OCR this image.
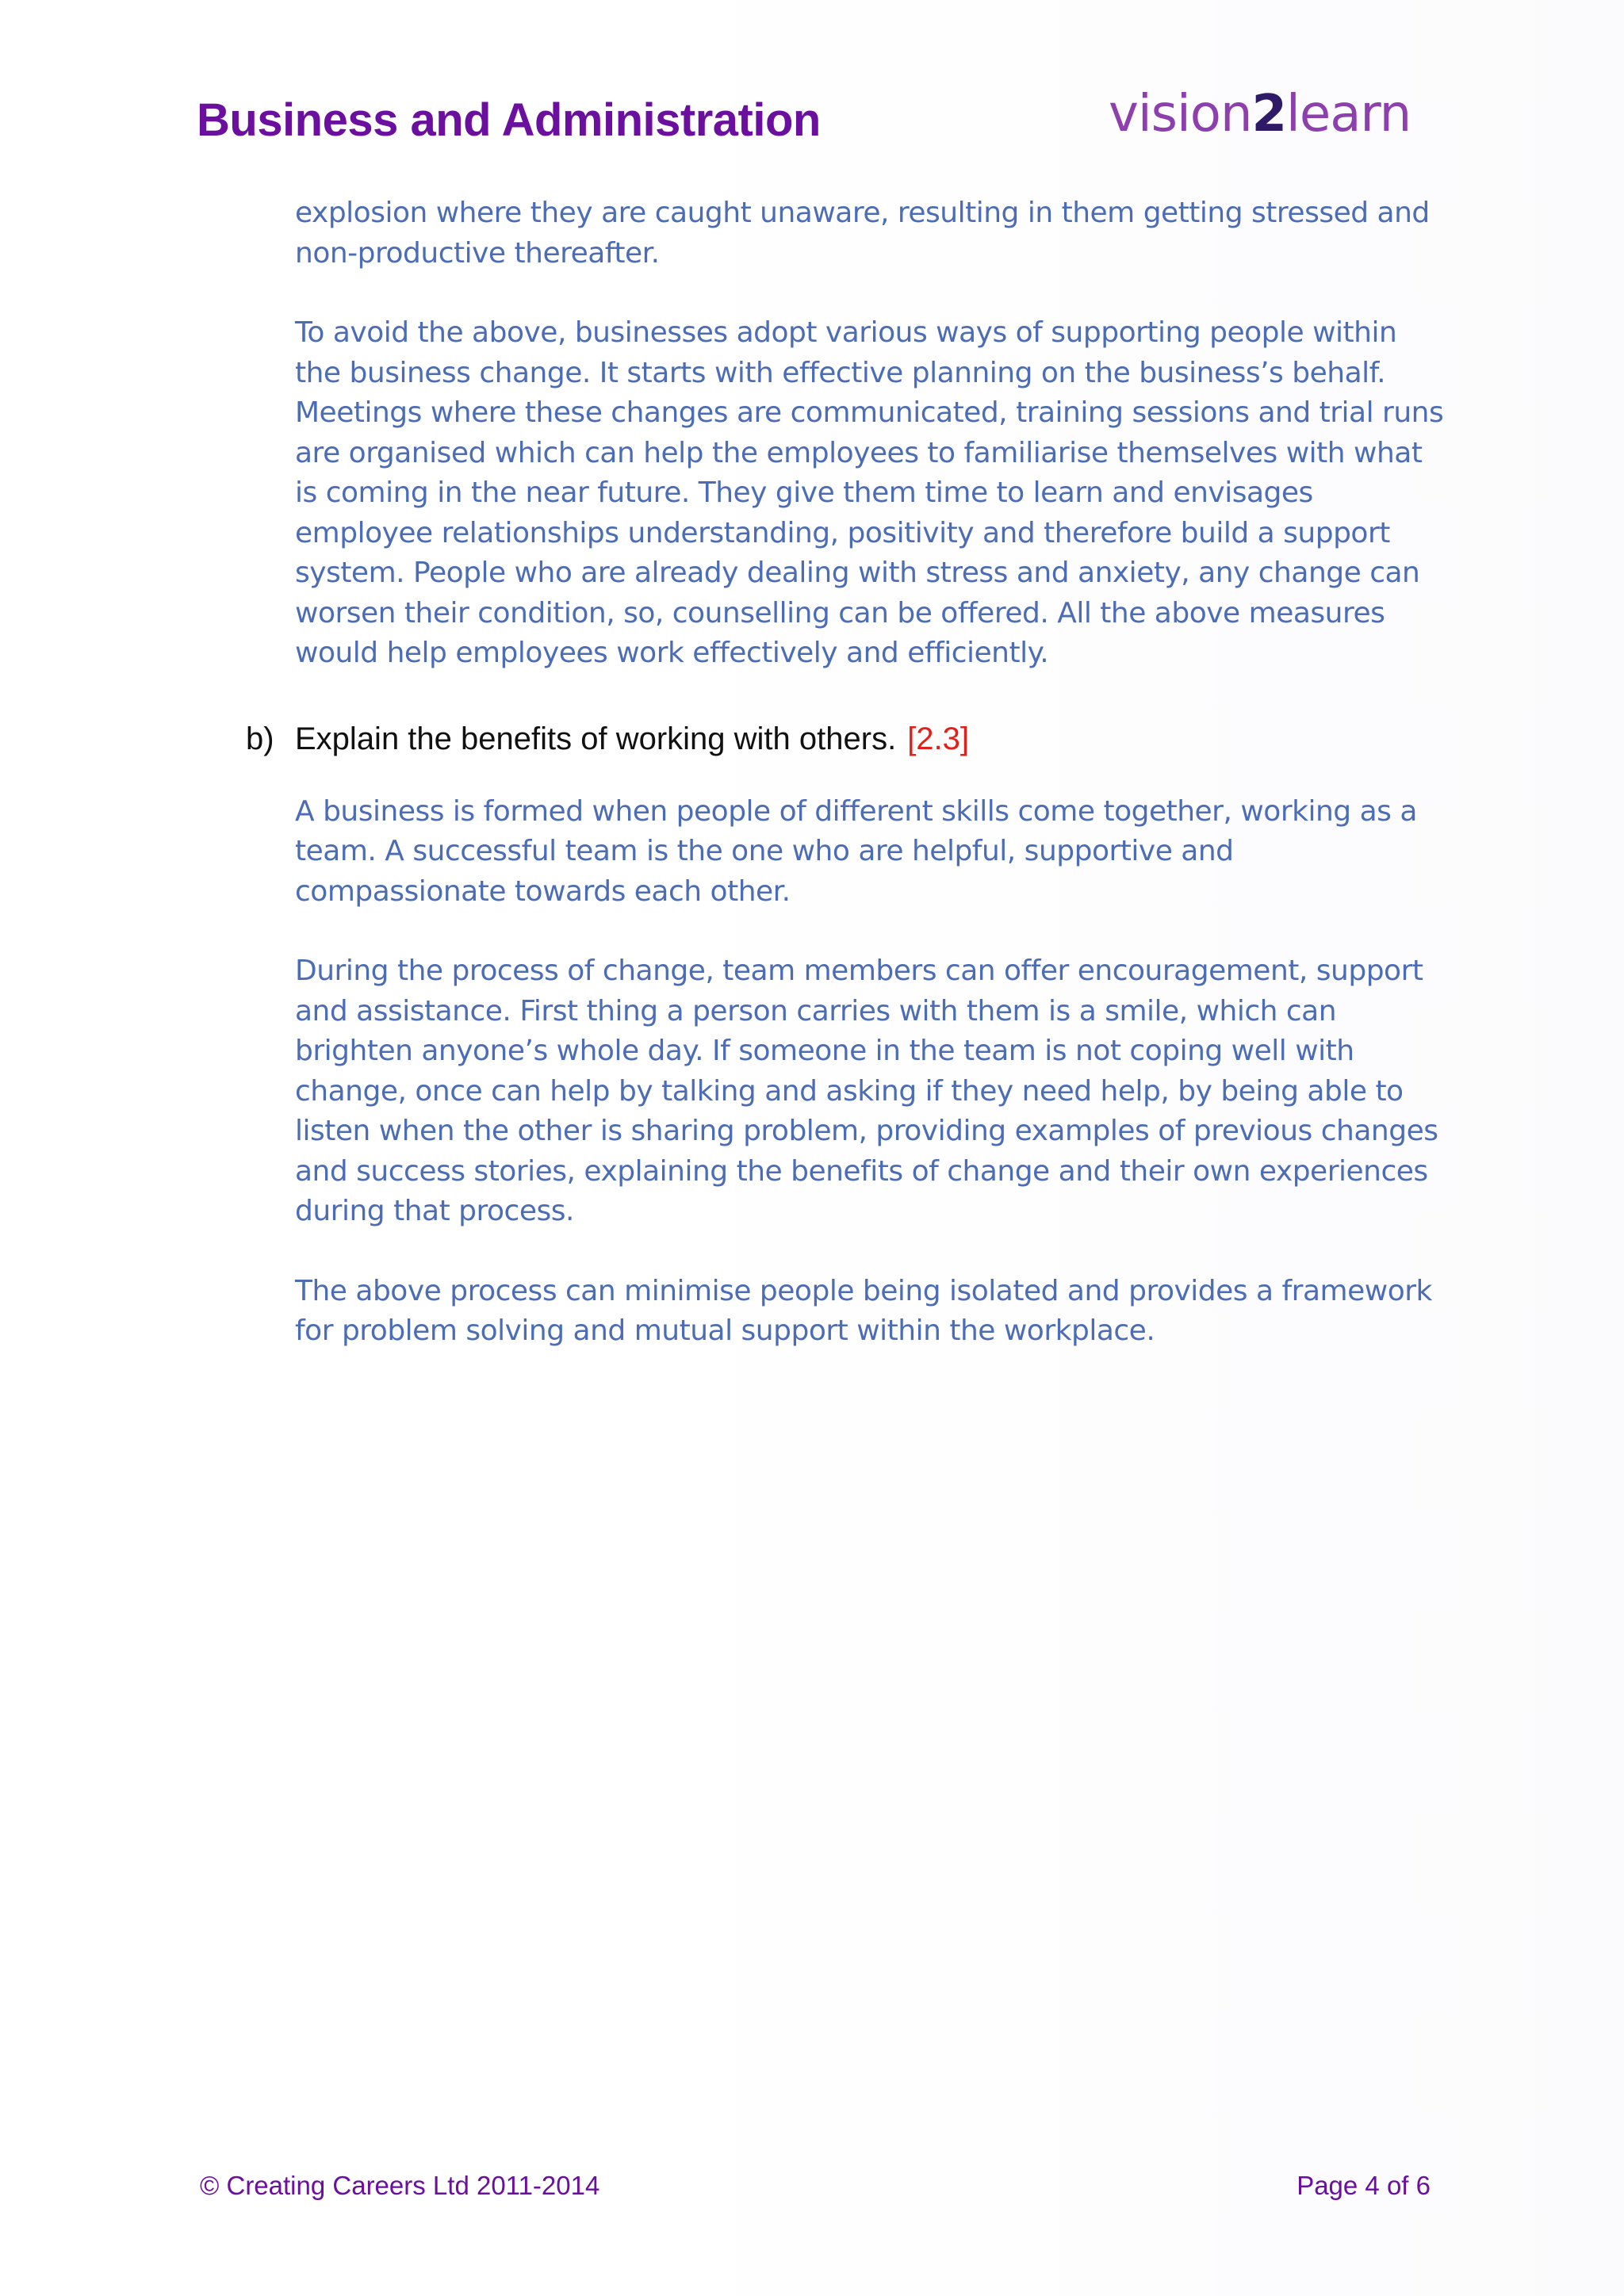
Business and Administration	vision2learn

explosion where they are caught unaware, resulting in them getting stressed and non-productive thereafter.

To avoid the above, businesses adopt various ways of supporting people within the business change. It starts with effective planning on the business’s behalf. Meetings where these changes are communicated, training sessions and trial runs are organised which can help the employees to familiarise themselves with what is coming in the near future. They give them time to learn and envisages employee relationships understanding, positivity and therefore build a support system. People who are already dealing with stress and anxiety, any change can worsen their condition, so, counselling can be offered. All the above measures would help employees work effectively and efficiently.

b) Explain the benefits of working with others. [2.3]

A business is formed when people of different skills come together, working as a team. A successful team is the one who are helpful, supportive and compassionate towards each other.

During the process of change, team members can offer encouragement, support and assistance. First thing a person carries with them is a smile, which can brighten anyone’s whole day. If someone in the team is not coping well with change, once can help by talking and asking if they need help, by being able to listen when the other is sharing problem, providing examples of previous changes and success stories, explaining the benefits of change and their own experiences during that process.

The above process can minimise people being isolated and provides a framework for problem solving and mutual support within the workplace.

© Creating Careers Ltd 2011-2014	Page 4 of 6
